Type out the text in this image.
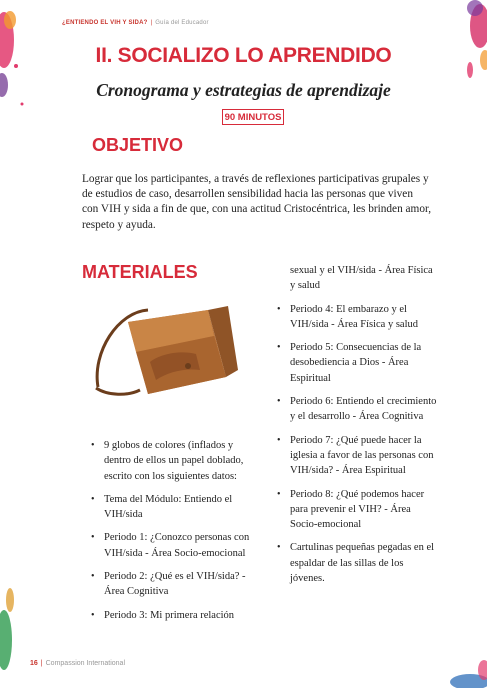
¿ENTIENDO EL VIH Y SIDA? | Guía del Educador
II. SOCIALIZO LO APRENDIDO
Cronograma y estrategias de aprendizaje
90 MINUTOS
OBJETIVO
Lograr que los participantes, a través de reflexiones participativas grupales y de estudios de caso, desarrollen sensibilidad hacia las personas que viven con VIH y sida a fin de que, con una actitud Cristocéntrica, les brinden amor, respeto y ayuda.
MATERIALES
• 9 globos de colores (inflados y dentro de ellos un papel doblado, escrito con los siguientes datos:
• Tema del Módulo: Entiendo el VIH/sida
• Periodo 1: ¿Conozco personas con VIH/sida - Área Socio-emocional
• Periodo 2: ¿Qué es el VIH/sida? - Área Cognitiva
• Periodo 3: Mi primera relación
sexual y el VIH/sida - Área Física y salud
• Periodo 4: El embarazo y el VIH/sida - Área Física y salud
• Periodo 5: Consecuencias de la desobediencia a Dios - Área Espiritual
• Periodo 6: Entiendo el crecimiento y el desarrollo - Área Cognitiva
• Periodo 7: ¿Qué puede hacer la iglesia a favor de las personas con VIH/sida? - Área Espiritual
• Periodo 8: ¿Qué podemos hacer para prevenir el VIH? - Área Socio-emocional
• Cartulinas pequeñas pegadas en el espaldar de las sillas de los jóvenes.
16 | Compassion International
